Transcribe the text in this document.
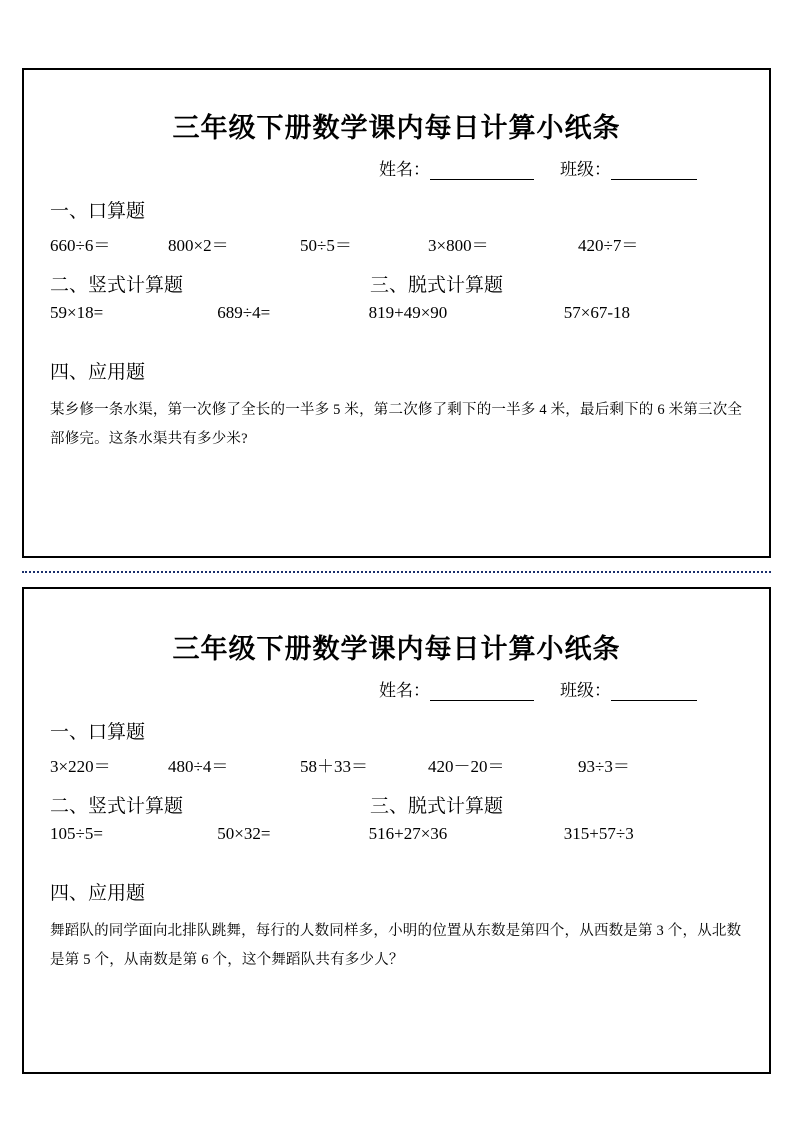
三年级下册数学课内每日计算小纸条
姓名：	班级：
一、口算题
660÷6＝	800×2＝	50÷5＝	3×800＝	420÷7＝
二、竖式计算题	三、脱式计算题
59×18=	689÷4=	819+49×90	57×67-18
四、应用题
某乡修一条水渠，第一次修了全长的一半多 5 米，第二次修了剩下的一半多 4 米，最后剩下的 6 米第三次全部修完。这条水渠共有多少米?
三年级下册数学课内每日计算小纸条
姓名：	班级：
一、口算题
3×220＝	480÷4＝	58＋33＝	420－20＝	93÷3＝
二、竖式计算题	三、脱式计算题
105÷5=	50×32=	516+27×36	315+57÷3
四、应用题
舞蹈队的同学面向北排队跳舞，每行的人数同样多，小明的位置从东数是第四个，从西数是第 3 个，从北数是第 5 个，从南数是第 6 个，这个舞蹈队共有多少人？
